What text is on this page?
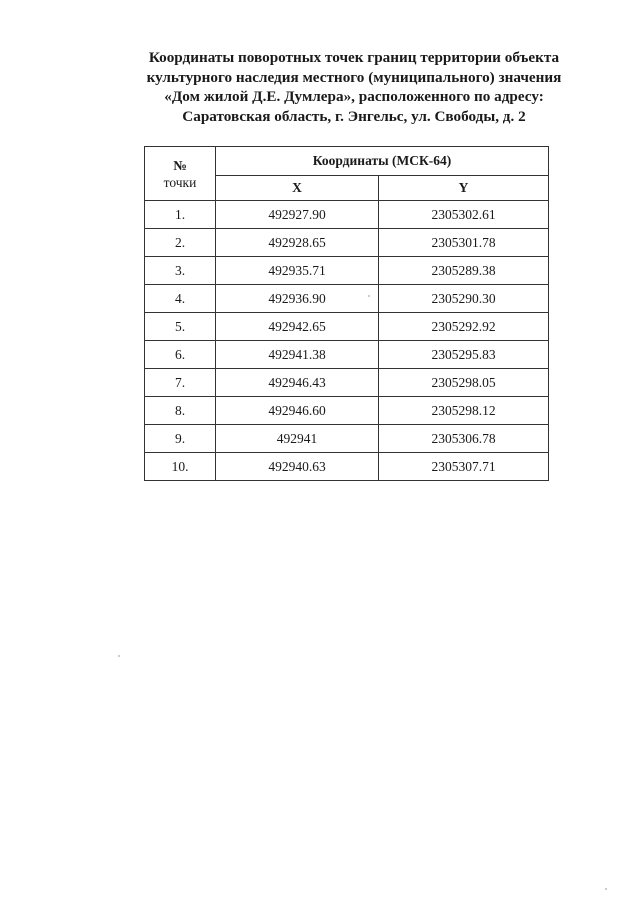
Координаты поворотных точек границ территории объекта
культурного наследия местного (муниципального) значения
«Дом жилой Д.Е. Думлера», расположенного по адресу:
Саратовская область, г. Энгельс, ул. Свободы, д. 2
№
точки	Координаты (МСК-64)	
	X	Y
1.	492927.90	2305302.61
2.	492928.65	2305301.78
3.	492935.71	2305289.38
4.	492936.90	2305290.30
5.	492942.65	2305292.92
6.	492941.38	2305295.83
7.	492946.43	2305298.05
8.	492946.60	2305298.12
9.	492941	2305306.78
10.	492940.63	2305307.71
